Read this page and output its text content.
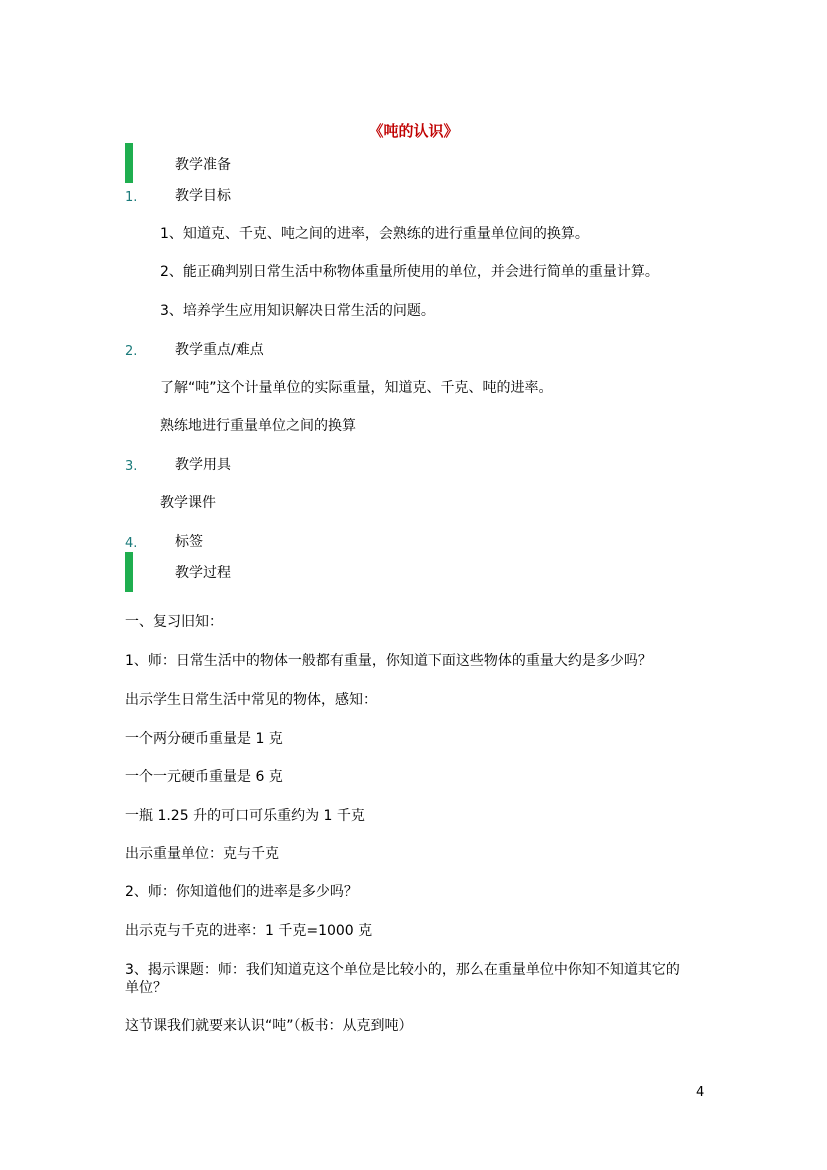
《吨的认识》
教学准备
1.	教学目标
1、知道克、千克、吨之间的进率，会熟练的进行重量单位间的换算。
2、能正确判别日常生活中称物体重量所使用的单位，并会进行简单的重量计算。
3、培养学生应用知识解决日常生活的问题。
2.	教学重点/难点
了解“吨”这个计量单位的实际重量，知道克、千克、吨的进率。
熟练地进行重量单位之间的换算
3.	教学用具
教学课件
4.	标签
教学过程
一、复习旧知：
1、师：日常生活中的物体一般都有重量，你知道下面这些物体的重量大约是多少吗？
出示学生日常生活中常见的物体，感知：
一个两分硬币重量是 1 克
一个一元硬币重量是 6 克
一瓶 1.25 升的可口可乐重约为 1 千克
出示重量单位：克与千克
2、师：你知道他们的进率是多少吗？
出示克与千克的进率：1 千克=1000 克
3、揭示课题：师：我们知道克这个单位是比较小的，那么在重量单位中你知不知道其它的
单位？
这节课我们就要来认识“吨”（板书：从克到吨）
4
